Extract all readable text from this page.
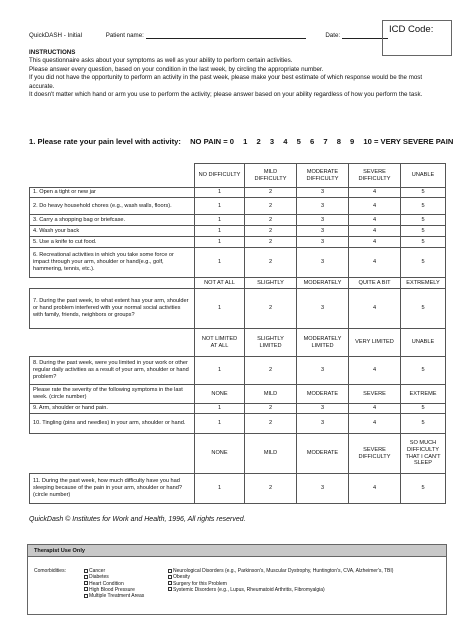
QuickDASH - Initial	Patient name:	Date:
INSTRUCTIONS
This questionnaire asks about your symptoms as well as your ability to perform certain activities.
Please answer every question, based on your condition in the last week, by circling the appropriate number.
If you did not have the opportunity to perform an activity in the past week, please make your best estimate of which response would be the most accurate.
It doesn't matter which hand or arm you use to perform the activity; please answer based on your ability regardless of how you perform the task.
1. Please rate your pain level with activity: NO PAIN = 0 1 2 3 4 5 6 7 8 9 10 = VERY SEVERE PAIN
	NO DIFFICULTY	MILD DIFFICULTY	MODERATE DIFFICULTY	SEVERE DIFFICULTY	UNABLE
1. Open a tight or new jar	1	2	3	4	5
2. Do heavy household chores (e.g., wash walls, floors).	1	2	3	4	5
3. Carry a shopping bag or briefcase.	1	2	3	4	5
4. Wash your back	1	2	3	4	5
5. Use a knife to cut food.	1	2	3	4	5
6. Recreational activities in which you take some force or impact through your arm, shoulder or hand(e.g., golf, hammering, tennis, etc.).	1	2	3	4	5
	NOT AT ALL	SLIGHTLY	MODERATELY	QUITE A BIT	EXTREMELY
7. During the past week, to what extent has your arm, shoulder or hand problem interfered with your normal social activities with family, friends, neighbors or groups?	1	2	3	4	5
	NOT LIMITED AT ALL	SLIGHTLY LIMITED	MODERATELY LIMITED	VERY LIMITED	UNABLE
8. During the past week, were you limited in your work or other regular daily activities as a result of your arm, shoulder or hand problem?	1	2	3	4	5
Please rate the severity of the following symptoms in the last week. (circle number)	NONE	MILD	MODERATE	SEVERE	EXTREME
9. Arm, shoulder or hand pain.	1	2	3	4	5
10. Tingling (pins and needles) in your arm, shoulder or hand.	1	2	3	4	5
	NONE	MILD	MODERATE	SEVERE DIFFICULTY	SO MUCH DIFFICULTY THAT I CAN'T SLEEP
11. During the past week, how much difficulty have you had sleeping because of the pain in your arm, shoulder or hand? (circle number)	1	2	3	4	5
QuickDash © Institutes for Work and Health, 1996, All rights reserved.
Therapist Use Only
Comorbidities:	Cancer
Diabetes
Heart Condition
High Blood Pressure
Multiple Treatment Areas
Neurological Disorders (e.g., Parkinson's, Muscular Dystrophy, Huntington's, CVA, Alzheimer's, TBI)
Obesity
Surgery for this Problem
Systemic Disorders (e.g., Lupus, Rheumatoid Arthritis, Fibromyalgia)
ICD Code:
